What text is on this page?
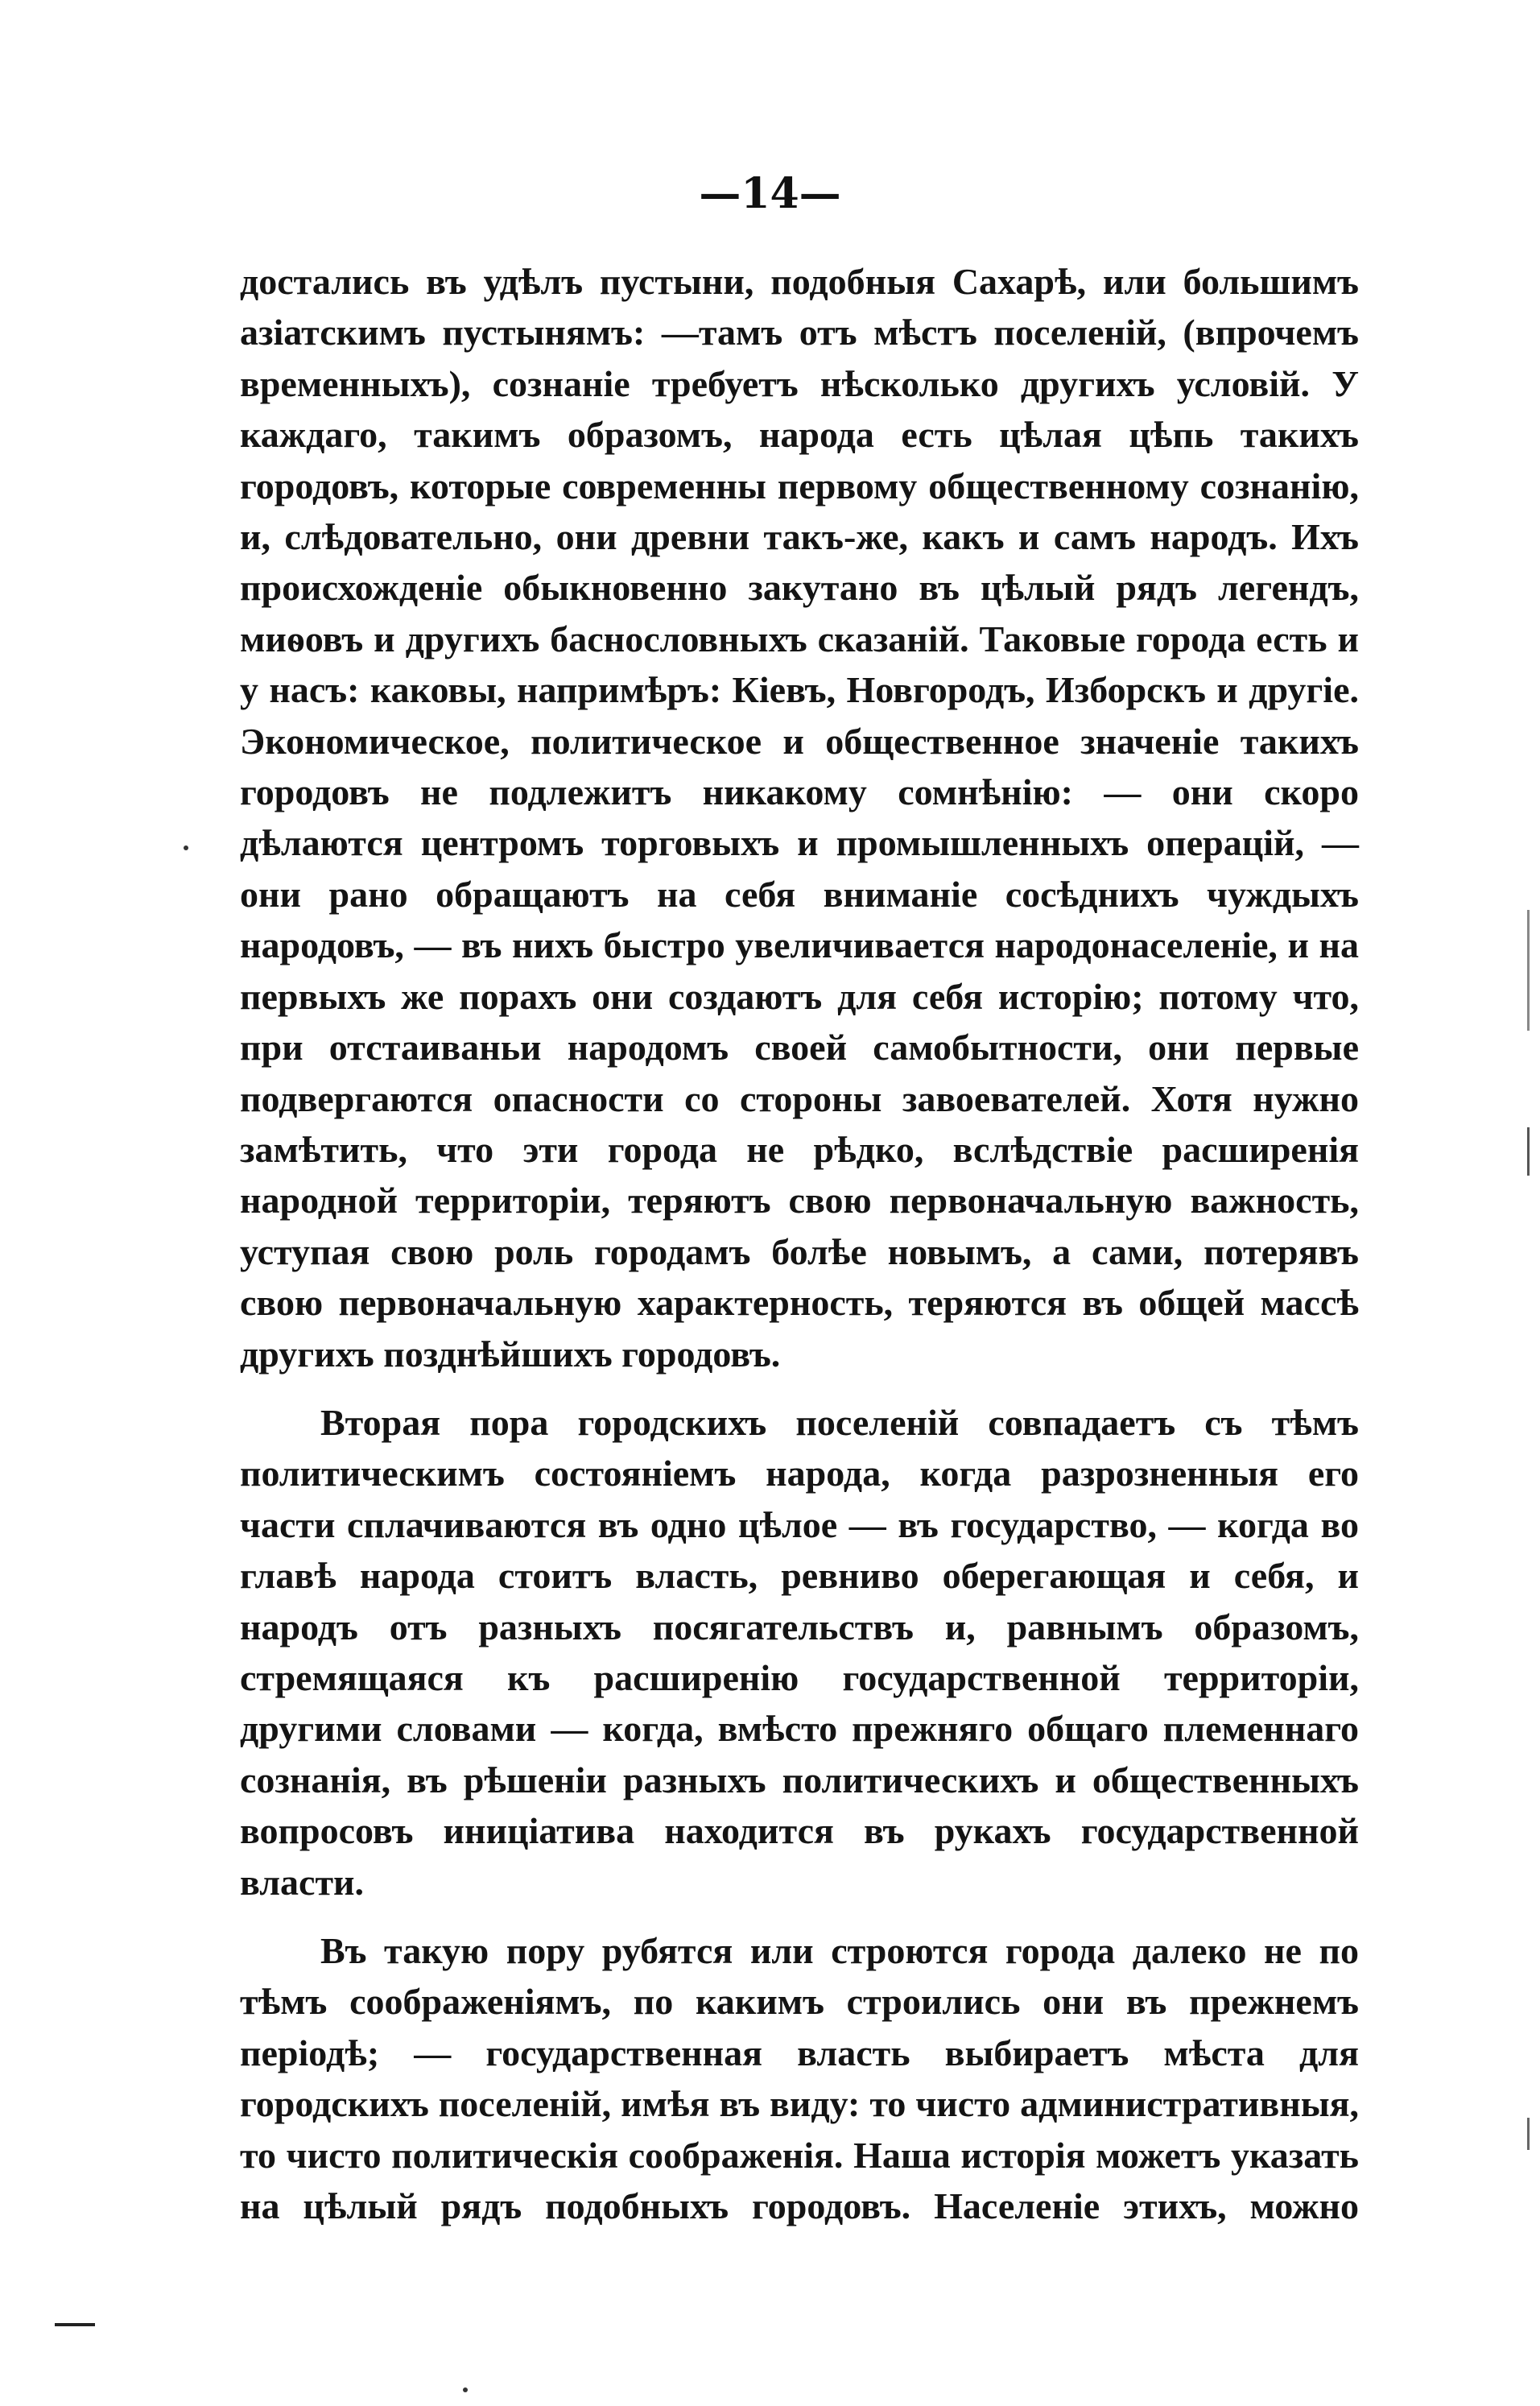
—14—

достались въ удѣлъ пустыни, подобныя Сахарѣ, или большимъ азіатскимъ пустынямъ: —тамъ отъ мѣстъ поселеній, (впрочемъ временныхъ), сознаніе требуетъ нѣсколько другихъ условій. У каждаго, такимъ образомъ, народа есть цѣлая цѣпь такихъ городовъ, которые современны первому общественному сознанію, и, слѣдовательно, они древни такъ-же, какъ и самъ народъ. Ихъ происхожденіе обыкновенно закутано въ цѣлый рядъ легендъ, миѳовъ и другихъ баснословныхъ сказаній. Таковые города есть и у насъ: каковы, напримѣръ: Кіевъ, Новгородъ, Изборскъ и другіе. Экономическое, политическое и общественное значеніе такихъ городовъ не подлежитъ никакому сомнѣнію: — они скоро дѣлаются центромъ торговыхъ и промышленныхъ операцій, — они рано обращаютъ на себя вниманіе сосѣднихъ чуждыхъ народовъ, — въ нихъ быстро увеличивается народонаселеніе, и на первыхъ же порахъ они создаютъ для себя исторію; потому что, при отстаиваньи народомъ своей самобытности, они первые подвергаются опасности со стороны завоевателей. Хотя нужно замѣтить, что эти города не рѣдко, вслѣдствіе расширенія народной территоріи, теряютъ свою первоначальную важность, уступая свою роль городамъ болѣе новымъ, а сами, потерявъ свою первоначальную характерность, теряются въ общей массѣ другихъ позднѣйшихъ городовъ.

Вторая пора городскихъ поселеній совпадаетъ съ тѣмъ политическимъ состояніемъ народа, когда разрозненныя его части сплачиваются въ одно цѣлое — въ государство, — когда во главѣ народа стоитъ власть, ревниво оберегающая и себя, и народъ отъ разныхъ посягательствъ и, равнымъ образомъ, стремящаяся къ расширенію государственной территоріи, другими словами — когда, вмѣсто прежняго общаго племеннаго сознанія, въ рѣшеніи разныхъ политическихъ и общественныхъ вопросовъ иниціатива находится въ рукахъ государственной власти.

Въ такую пору рубятся или строются города далеко не по тѣмъ соображеніямъ, по какимъ строились они въ прежнемъ періодѣ; — государственная власть выбираетъ мѣста для городскихъ поселеній, имѣя въ виду: то чисто административныя, то чисто политическія соображенія. Наша исторія можетъ указать на цѣлый рядъ подобныхъ городовъ. Населеніе этихъ, можно
